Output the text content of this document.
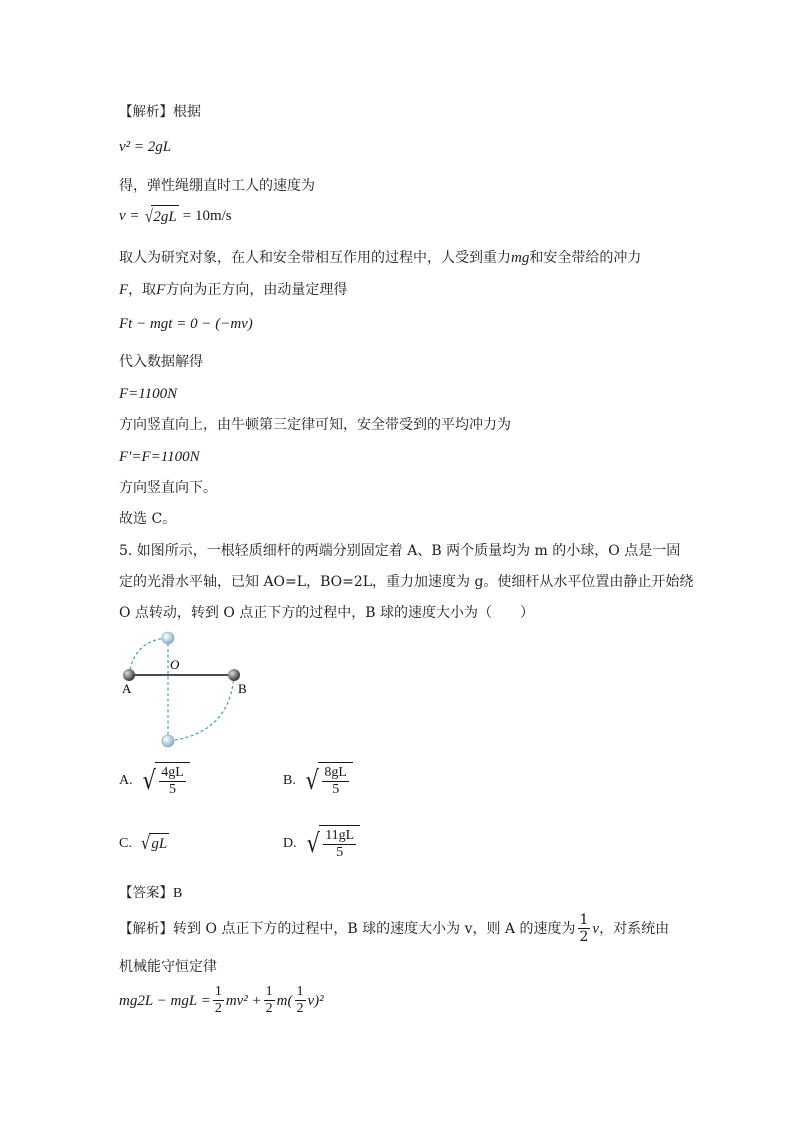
【解析】根据
v² = 2gL
得，弹性绳绷直时工人的速度为
v = √ 2gL = 10m/s
取人为研究对象，在人和安全带相互作用的过程中，人受到重力mg和安全带给的冲力
F，取F方向为正方向，由动量定理得
Ft − mgt = 0 − (−mv)
代入数据解得
F=1100N
方向竖直向上，由牛顿第三定律可知，安全带受到的平均冲力为
F'=F=1100N
方向竖直向下。
故选 C。
5. 如图所示，一根轻质细杆的两端分别固定着 A、B 两个质量均为 m 的小球，O 点是一固
定的光滑水平轴，已知 AO=L，BO=2L，重力加速度为 g。使细杆从水平位置由静止开始绕
O 点转动，转到 O 点正下方的过程中，B 球的速度大小为（　　）
O
A	B
A. √ $\frac{4gL}{5}$	B. √ $\frac{8gL}{5}$
C. √ gL	D. √ $\frac{11gL}{5}$
【答案】B
【解析】 转到 O 点正下方的过程中，B 球的速度大小为 v，则 A 的速度为 $\frac{1}{2}$ v ，对系统由
机械能守恒定律
mg2L − mgL = $\frac{1}{2} mv^2 + \frac{1}{2} m( \frac{1}{2} v)^2$
